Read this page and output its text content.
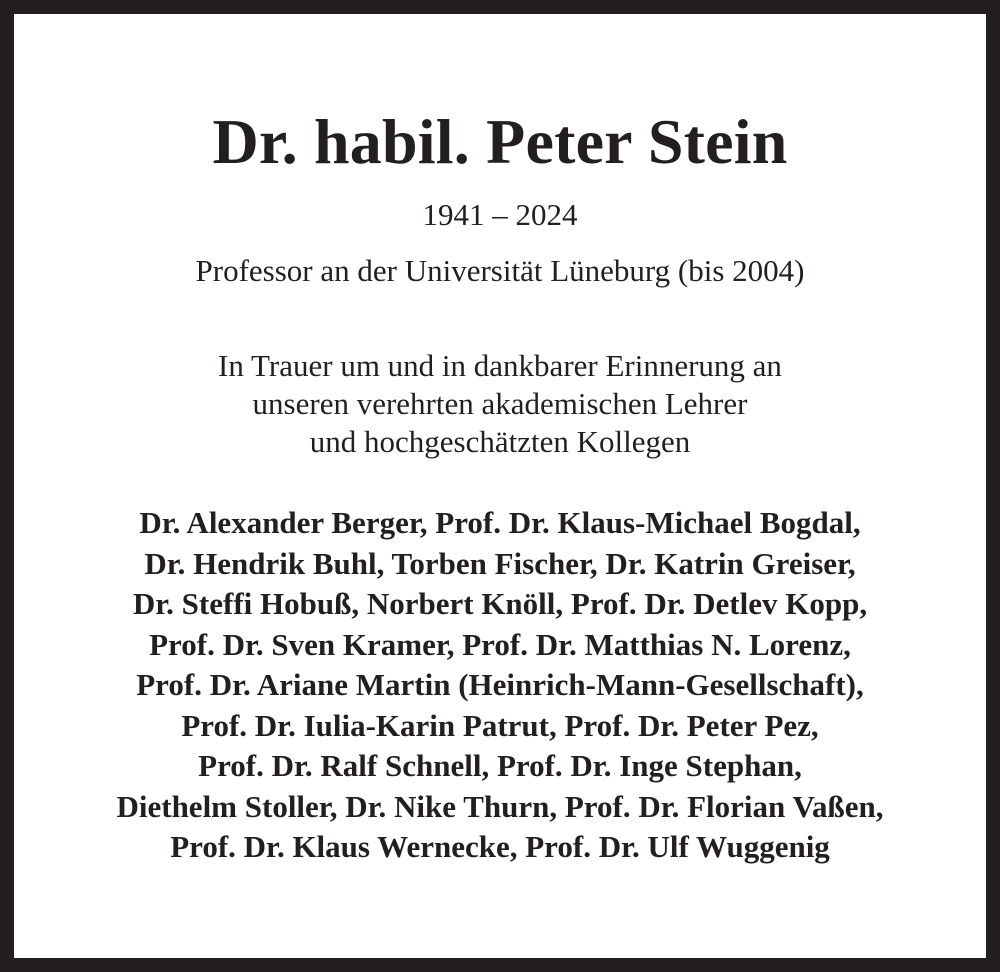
Dr. habil. Peter Stein
1941 – 2024
Professor an der Universität Lüneburg (bis 2004)
In Trauer um und in dankbarer Erinnerung an
unseren verehrten akademischen Lehrer
und hochgeschätzten Kollegen
Dr. Alexander Berger, Prof. Dr. Klaus-Michael Bogdal,
Dr. Hendrik Buhl, Torben Fischer, Dr. Katrin Greiser,
Dr. Steffi Hobuß, Norbert Knöll, Prof. Dr. Detlev Kopp,
Prof. Dr. Sven Kramer, Prof. Dr. Matthias N. Lorenz,
Prof. Dr. Ariane Martin (Heinrich-Mann-Gesellschaft),
Prof. Dr. Iulia-Karin Patrut, Prof. Dr. Peter Pez,
Prof. Dr. Ralf Schnell, Prof. Dr. Inge Stephan,
Diethelm Stoller, Dr. Nike Thurn, Prof. Dr. Florian Vaßen,
Prof. Dr. Klaus Wernecke, Prof. Dr. Ulf Wuggenig
